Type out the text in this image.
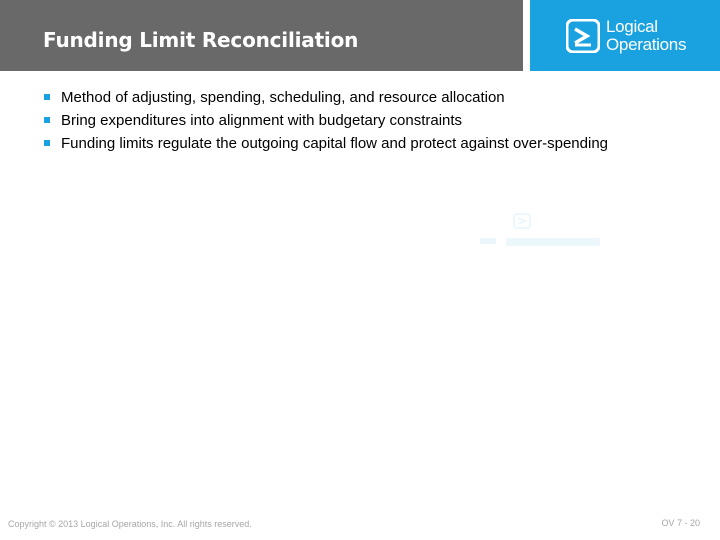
Funding Limit Reconciliation
Logical
Operations
Method of adjusting, spending, scheduling, and resource allocation
Bring expenditures into alignment with budgetary constraints
Funding limits regulate the outgoing capital flow and protect against over-spending
Copyright © 2013 Logical Operations, Inc. All rights reserved.	OV 7 - 20
